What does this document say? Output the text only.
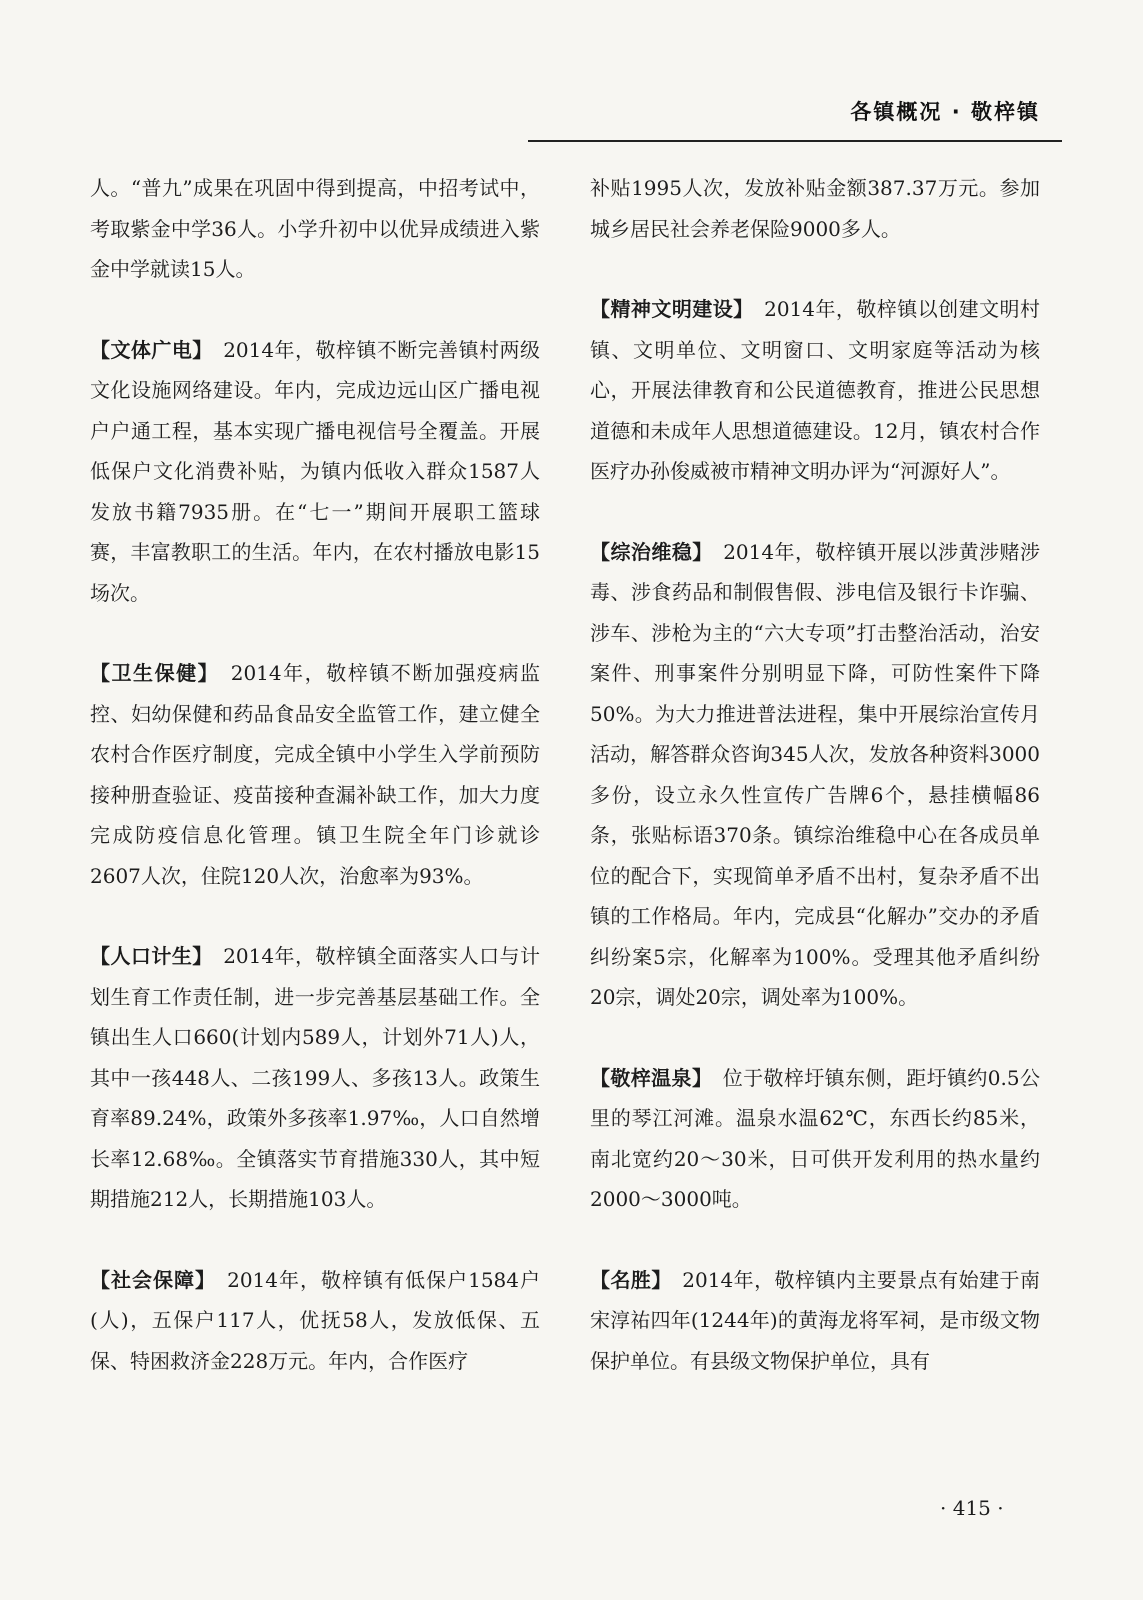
各镇概况 · 敬梓镇

人。“普九”成果在巩固中得到提高，中招考试中，考取紫金中学36人。小学升初中以优异成绩进入紫金中学就读15人。

【文体广电】　2014年，敬梓镇不断完善镇村两级文化设施网络建设。年内，完成边远山区广播电视户户通工程，基本实现广播电视信号全覆盖。开展低保户文化消费补贴，为镇内低收入群众1587人发放书籍7935册。在“七一”期间开展职工篮球赛，丰富教职工的生活。年内，在农村播放电影15场次。

【卫生保健】　2014年，敬梓镇不断加强疫病监控、妇幼保健和药品食品安全监管工作，建立健全农村合作医疗制度，完成全镇中小学生入学前预防接种册查验证、疫苗接种查漏补缺工作，加大力度完成防疫信息化管理。镇卫生院全年门诊就诊2607人次，住院120人次，治愈率为93%。

【人口计生】　2014年，敬梓镇全面落实人口与计划生育工作责任制，进一步完善基层基础工作。全镇出生人口660(计划内589人，计划外71人)人，其中一孩448人、二孩199人、多孩13人。政策生育率89.24%，政策外多孩率1.97‰，人口自然增长率12.68‰。全镇落实节育措施330人，其中短期措施212人，长期措施103人。

【社会保障】　2014年，敬梓镇有低保户1584户(人)，五保户117人，优抚58人，发放低保、五保、特困救济金228万元。年内，合作医疗

补贴1995人次，发放补贴金额387.37万元。参加城乡居民社会养老保险9000多人。

【精神文明建设】　2014年，敬梓镇以创建文明村镇、文明单位、文明窗口、文明家庭等活动为核心，开展法律教育和公民道德教育，推进公民思想道德和未成年人思想道德建设。12月，镇农村合作医疗办孙俊威被市精神文明办评为“河源好人”。

【综治维稳】　2014年，敬梓镇开展以涉黄涉赌涉毒、涉食药品和制假售假、涉电信及银行卡诈骗、涉车、涉枪为主的“六大专项”打击整治活动，治安案件、刑事案件分别明显下降，可防性案件下降50%。为大力推进普法进程，集中开展综治宣传月活动，解答群众咨询345人次，发放各种资料3000多份，设立永久性宣传广告牌6个，悬挂横幅86条，张贴标语370条。镇综治维稳中心在各成员单位的配合下，实现简单矛盾不出村，复杂矛盾不出镇的工作格局。年内，完成县“化解办”交办的矛盾纠纷案5宗，化解率为100%。受理其他矛盾纠纷20宗，调处20宗，调处率为100%。

【敬梓温泉】　位于敬梓圩镇东侧，距圩镇约0.5公里的琴江河滩。温泉水温62℃，东西长约85米，南北宽约20～30米，日可供开发利用的热水量约2000～3000吨。

【名胜】　2014年，敬梓镇内主要景点有始建于南宋淳祐四年(1244年)的黄海龙将军祠，是市级文物保护单位。有县级文物保护单位，具有

· 415 ·
